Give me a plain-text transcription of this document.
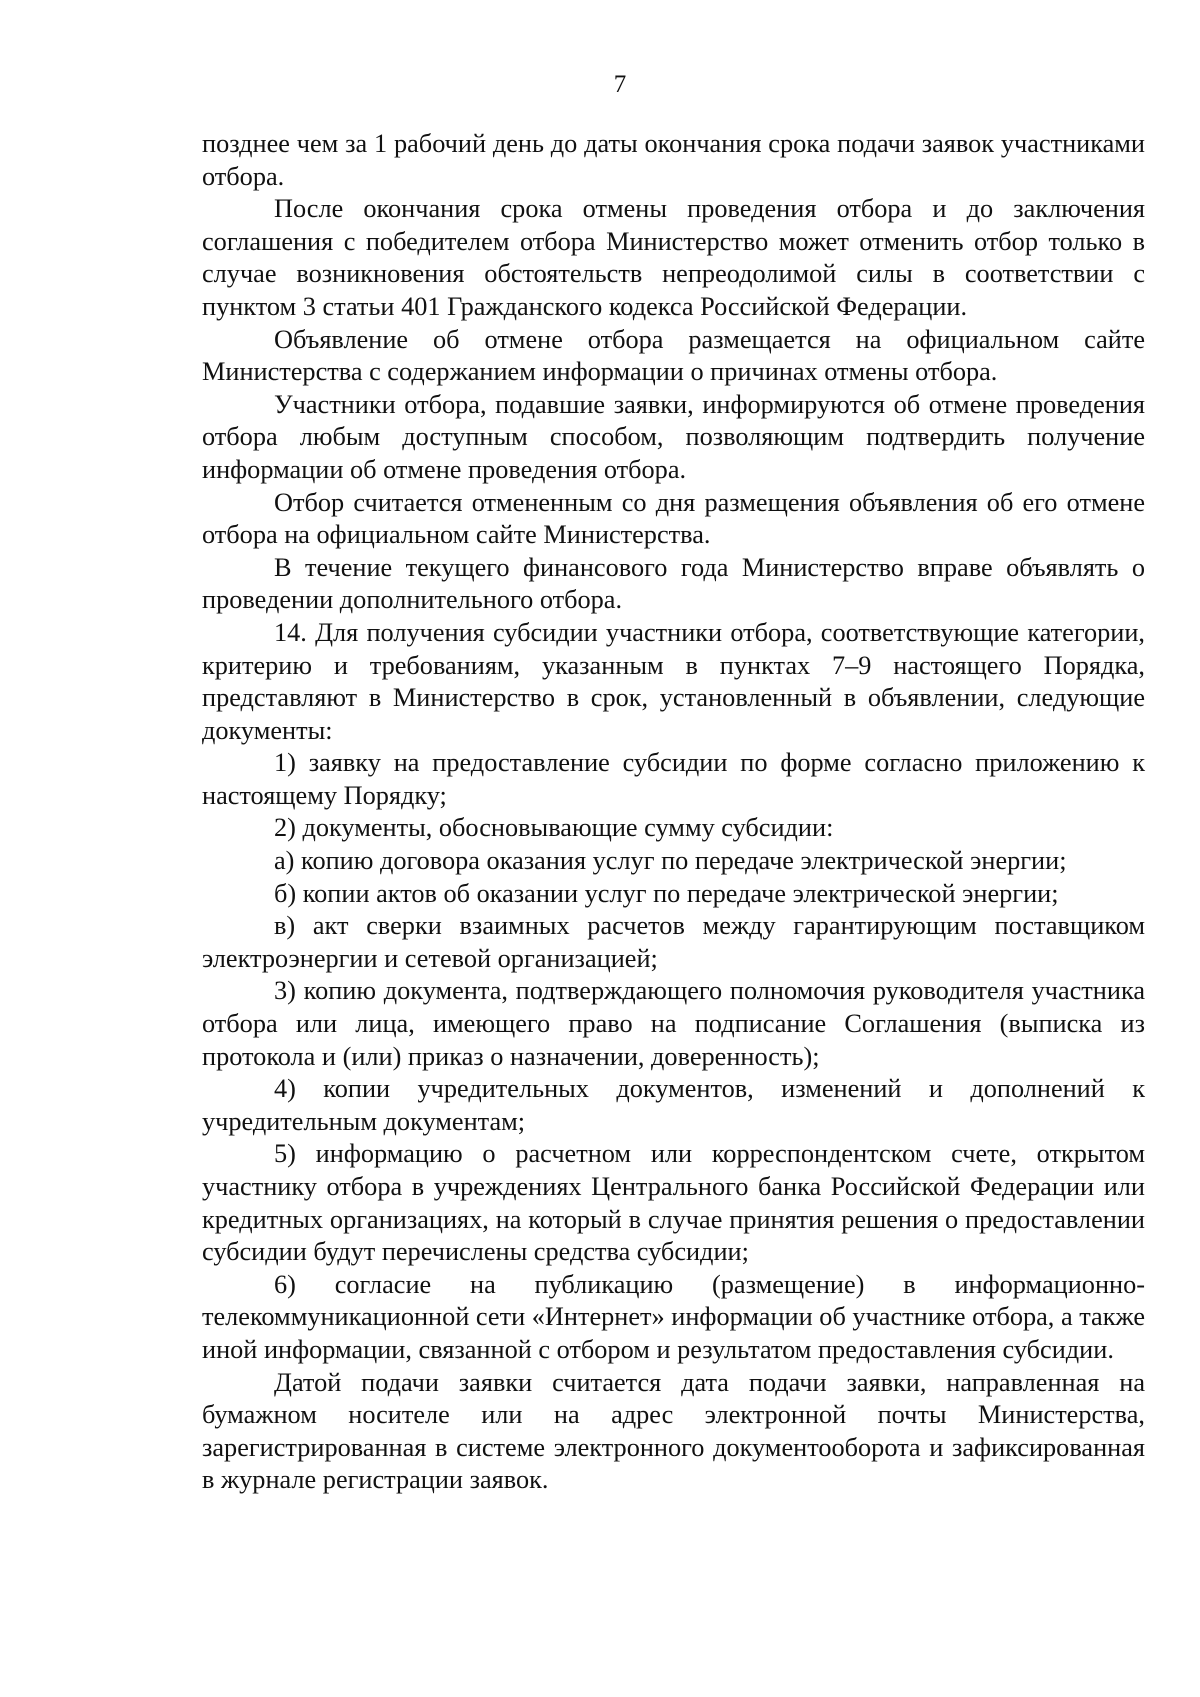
7

позднее чем за 1 рабочий день до даты окончания срока подачи заявок участниками отбора.

После окончания срока отмены проведения отбора и до заключения соглашения с победителем отбора Министерство может отменить отбор только в случае возникновения обстоятельств непреодолимой силы в соответствии с пунктом 3 статьи 401 Гражданского кодекса Российской Федерации.

Объявление об отмене отбора размещается на официальном сайте Министерства с содержанием информации о причинах отмены отбора.

Участники отбора, подавшие заявки, информируются об отмене проведения отбора любым доступным способом, позволяющим подтвердить получение информации об отмене проведения отбора.

Отбор считается отмененным со дня размещения объявления об его отмене отбора на официальном сайте Министерства.

В течение текущего финансового года Министерство вправе объявлять о проведении дополнительного отбора.

14. Для получения субсидии участники отбора, соответствующие категории, критерию и требованиям, указанным в пунктах 7–9 настоящего Порядка, представляют в Министерство в срок, установленный в объявлении, следующие документы:

1) заявку на предоставление субсидии по форме согласно приложению к настоящему Порядку;

2) документы, обосновывающие сумму субсидии:

а) копию договора оказания услуг по передаче электрической энергии;

б) копии актов об оказании услуг по передаче электрической энергии;

в) акт сверки взаимных расчетов между гарантирующим поставщиком электроэнергии и сетевой организацией;

3) копию документа, подтверждающего полномочия руководителя участника отбора или лица, имеющего право на подписание Соглашения (выписка из протокола и (или) приказ о назначении, доверенность);

4) копии учредительных документов, изменений и дополнений к учредительным документам;

5) информацию о расчетном или корреспондентском счете, открытом участнику отбора в учреждениях Центрального банка Российской Федерации или кредитных организациях, на который в случае принятия решения о предоставлении субсидии будут перечислены средства субсидии;

6) согласие на публикацию (размещение) в информационно-телекоммуникационной сети «Интернет» информации об участнике отбора, а также иной информации, связанной с отбором и результатом предоставления субсидии.

Датой подачи заявки считается дата подачи заявки, направленная на бумажном носителе или на адрес электронной почты Министерства, зарегистрированная в системе электронного документооборота и зафиксированная в журнале регистрации заявок.
